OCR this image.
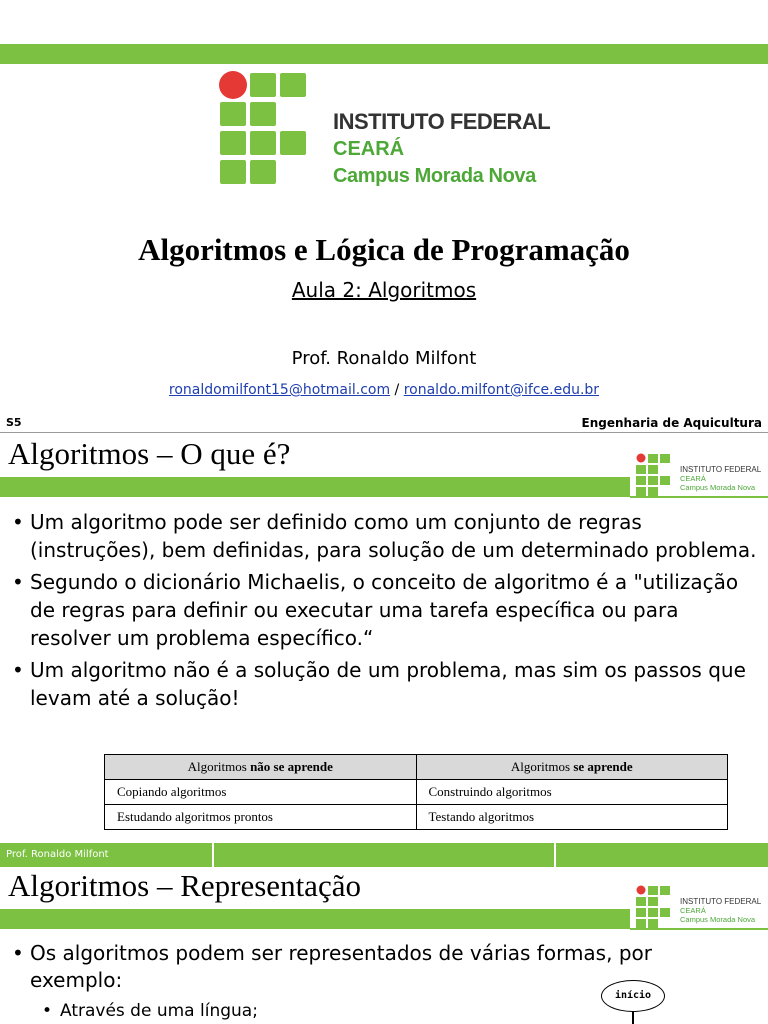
INSTITUTO FEDERAL
CEARÁ
Campus Morada Nova
Algoritmos e Lógica de Programação
Aula 2: Algoritmos
Prof. Ronaldo Milfont
ronaldomilfont15@hotmail.com / ronaldo.milfont@ifce.edu.br
S5	Engenharia de Aquicultura
Algoritmos – O que é?	INSTITUTO FEDERAL
CEARÁ
Campus Morada Nova
• Um algoritmo pode ser definido como um conjunto de regras (instruções), bem definidas, para solução de um determinado problema.
• Segundo o dicionário Michaelis, o conceito de algoritmo é a "utilização de regras para definir ou executar uma tarefa específica ou para resolver um problema específico.“
• Um algoritmo não é a solução de um problema, mas sim os passos que levam até a solução!
Algoritmos não se aprende	Algoritmos se aprende
Copiando algoritmos	Construindo algoritmos
Estudando algoritmos prontos	Testando algoritmos
Prof. Ronaldo Milfont
Algoritmos – Representação	INSTITUTO FEDERAL
CEARÁ
Campus Morada Nova
• Os algoritmos podem ser representados de várias formas, por exemplo:
• Através de uma língua;
início
